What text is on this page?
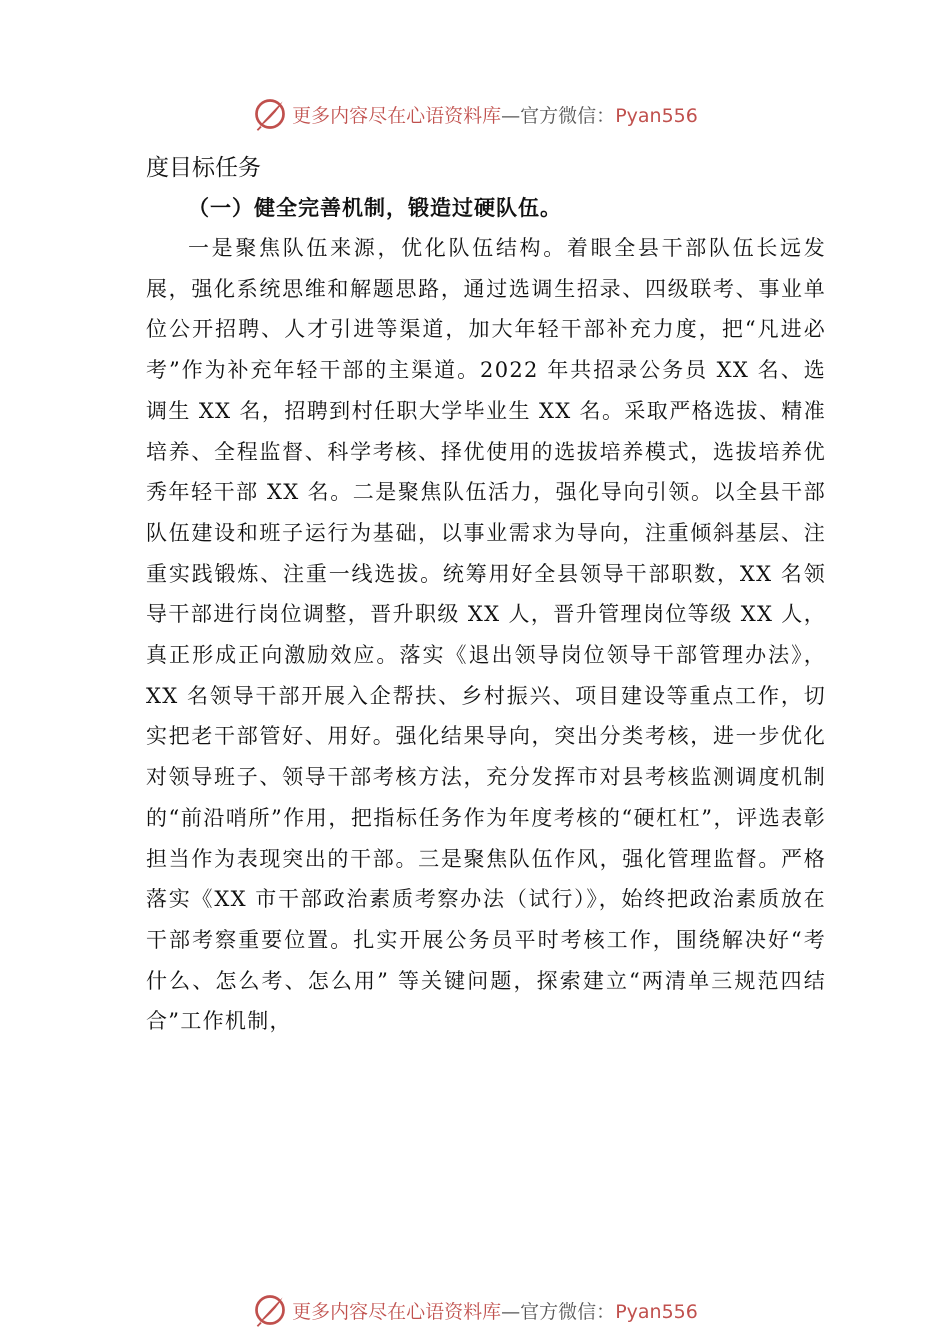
更多内容尽在心语资料库—官方微信：Pyan556

度目标任务

（一）健全完善机制，锻造过硬队伍。

一是聚焦队伍来源，优化队伍结构。着眼全县干部队伍长远发展，强化系统思维和解题思路，通过选调生招录、四级联考、事业单位公开招聘、人才引进等渠道，加大年轻干部补充力度，把“凡进必考”作为补充年轻干部的主渠道。2022 年共招录公务员 XX 名、选调生 XX 名，招聘到村任职大学毕业生 XX 名。采取严格选拔、精准培养、全程监督、科学考核、择优使用的选拔培养模式，选拔培养优秀年轻干部 XX 名。二是聚焦队伍活力，强化导向引领。以全县干部队伍建设和班子运行为基础，以事业需求为导向，注重倾斜基层、注重实践锻炼、注重一线选拔。统筹用好全县领导干部职数，XX 名领导干部进行岗位调整，晋升职级 XX 人，晋升管理岗位等级 XX 人，真正形成正向激励效应。落实《退出领导岗位领导干部管理办法》，XX 名领导干部开展入企帮扶、乡村振兴、项目建设等重点工作，切实把老干部管好、用好。强化结果导向，突出分类考核，进一步优化对领导班子、领导干部考核方法，充分发挥市对县考核监测调度机制的“前沿哨所”作用，把指标任务作为年度考核的“硬杠杠”，评选表彰担当作为表现突出的干部。三是聚焦队伍作风，强化管理监督。严格落实《XX 市干部政治素质考察办法（试行）》，始终把政治素质放在干部考察重要位置。扎实开展公务员平时考核工作，围绕解决好“考什么、怎么考、怎么用” 等关键问题，探索建立“两清单三规范四结合”工作机制，

更多内容尽在心语资料库—官方微信：Pyan556
